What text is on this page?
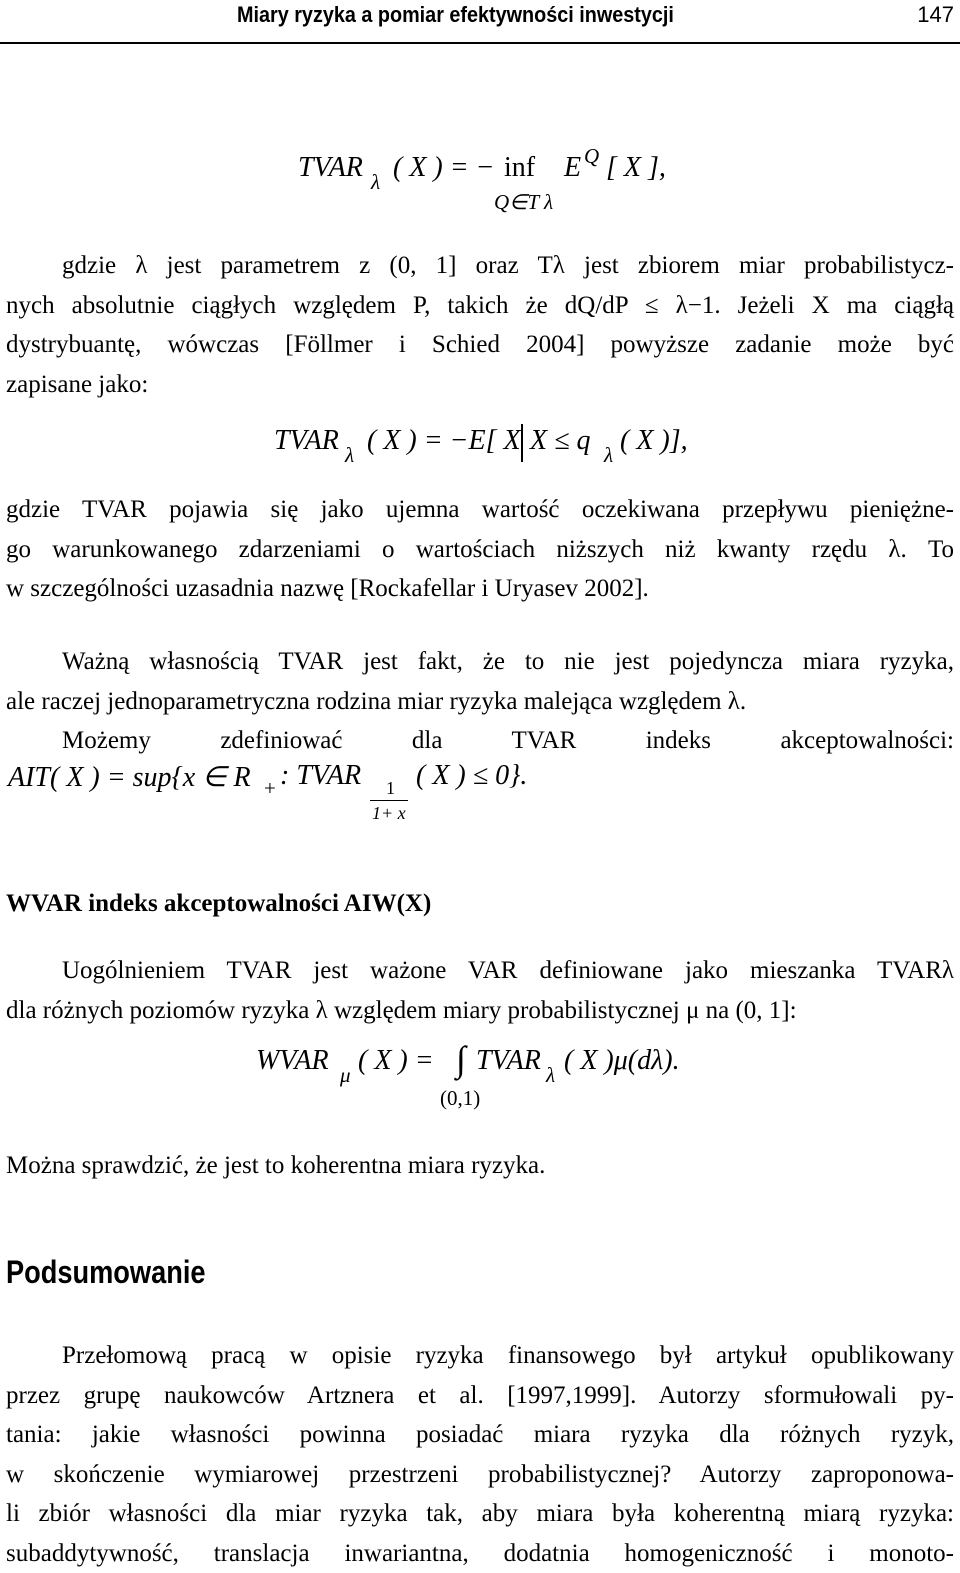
Miary ryzyka a pomiar efektywności inwestycji	147
TVAR λ ( X ) = − inf E Q [ X ],
Q∈T λ
gdzie λ jest parametrem z (0, 1] oraz Tλ jest zbiorem miar probabilistycz-
nych absolutnie ciągłych względem P, takich że dQ/dP ≤ λ−1. Jeżeli X ma ciągłą
dystrybuantę, wówczas [Föllmer i Schied 2004] powyższe zadanie może być
zapisane jako:
TVAR λ ( X ) = −E[ X X ≤ q λ ( X )],
gdzie TVAR pojawia się jako ujemna wartość oczekiwana przepływu pieniężne-
go warunkowanego zdarzeniami o wartościach niższych niż kwanty rzędu λ. To
w szczególności uzasadnia nazwę [Rockafellar i Uryasev 2002].
Ważną własnością TVAR jest fakt, że to nie jest pojedyncza miara ryzyka,
ale raczej jednoparametryczna rodzina miar ryzyka malejąca względem λ.
Możemy zdefiniować dla TVAR indeks akceptowalności:
AIT( X ) = sup{x ∈ R + : TVAR 1
1+ x
( X ) ≤ 0}.
WVAR indeks akceptowalności AIW(X)
Uogólnieniem TVAR jest ważone VAR definiowane jako mieszanka TVARλ
dla różnych poziomów ryzyka λ względem miary probabilistycznej μ na (0, 1]:
WVAR μ ( X ) = ∫ TVAR λ ( X )μ(dλ).
(0,1)
Można sprawdzić, że jest to koherentna miara ryzyka.
Podsumowanie
Przełomową pracą w opisie ryzyka finansowego był artykuł opublikowany
przez grupę naukowców Artznera et al. [1997,1999]. Autorzy sformułowali py-
tania: jakie własności powinna posiadać miara ryzyka dla różnych ryzyk,
w skończenie wymiarowej przestrzeni probabilistycznej? Autorzy zaproponowa-
li zbiór własności dla miar ryzyka tak, aby miara była koherentną miarą ryzyka:
subaddytywność, translacja inwariantna, dodatnia homogeniczność i monoto-
